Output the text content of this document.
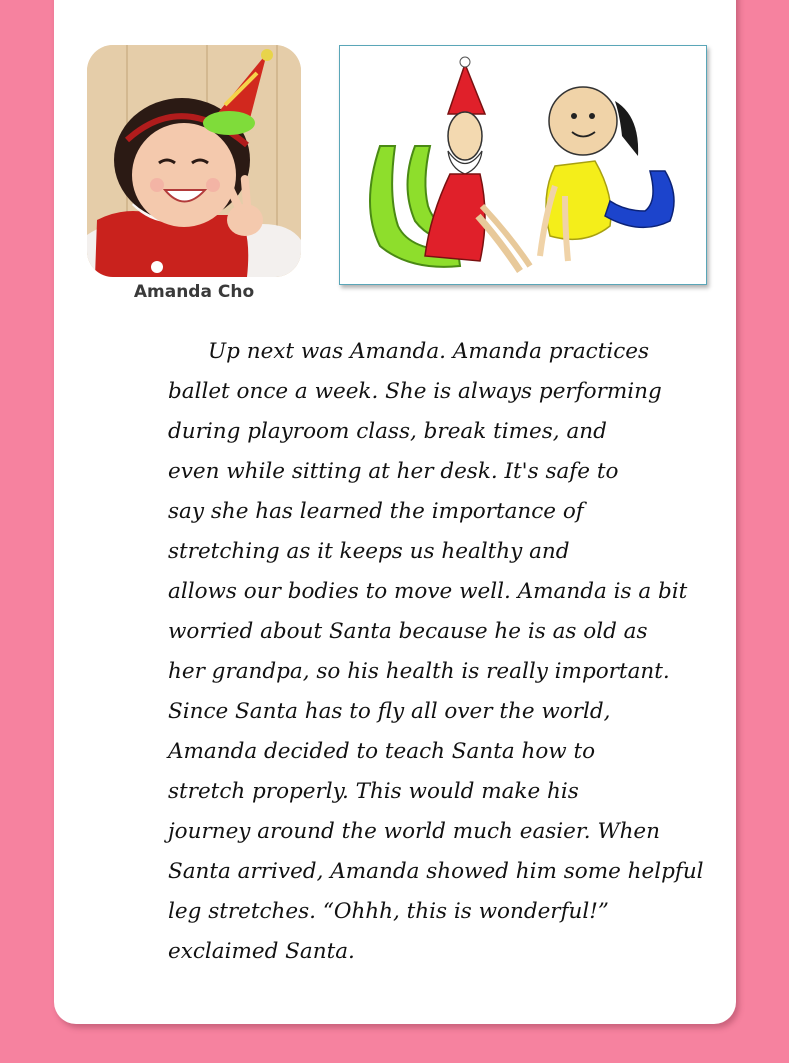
Amanda Cho
Up next was Amanda. Amanda practices
ballet once a week. She is always performing
during playroom class, break times, and
even while sitting at her desk. It's safe to
say she has learned the importance of
stretching as it keeps us healthy and
allows our bodies to move well. Amanda is a bit
worried about Santa because he is as old as
her grandpa, so his health is really important.
Since Santa has to fly all over the world,
Amanda decided to teach Santa how to
stretch properly. This would make his
journey around the world much easier. When
Santa arrived, Amanda showed him some helpful
leg stretches. “Ohhh, this is wonderful!”
exclaimed Santa.
